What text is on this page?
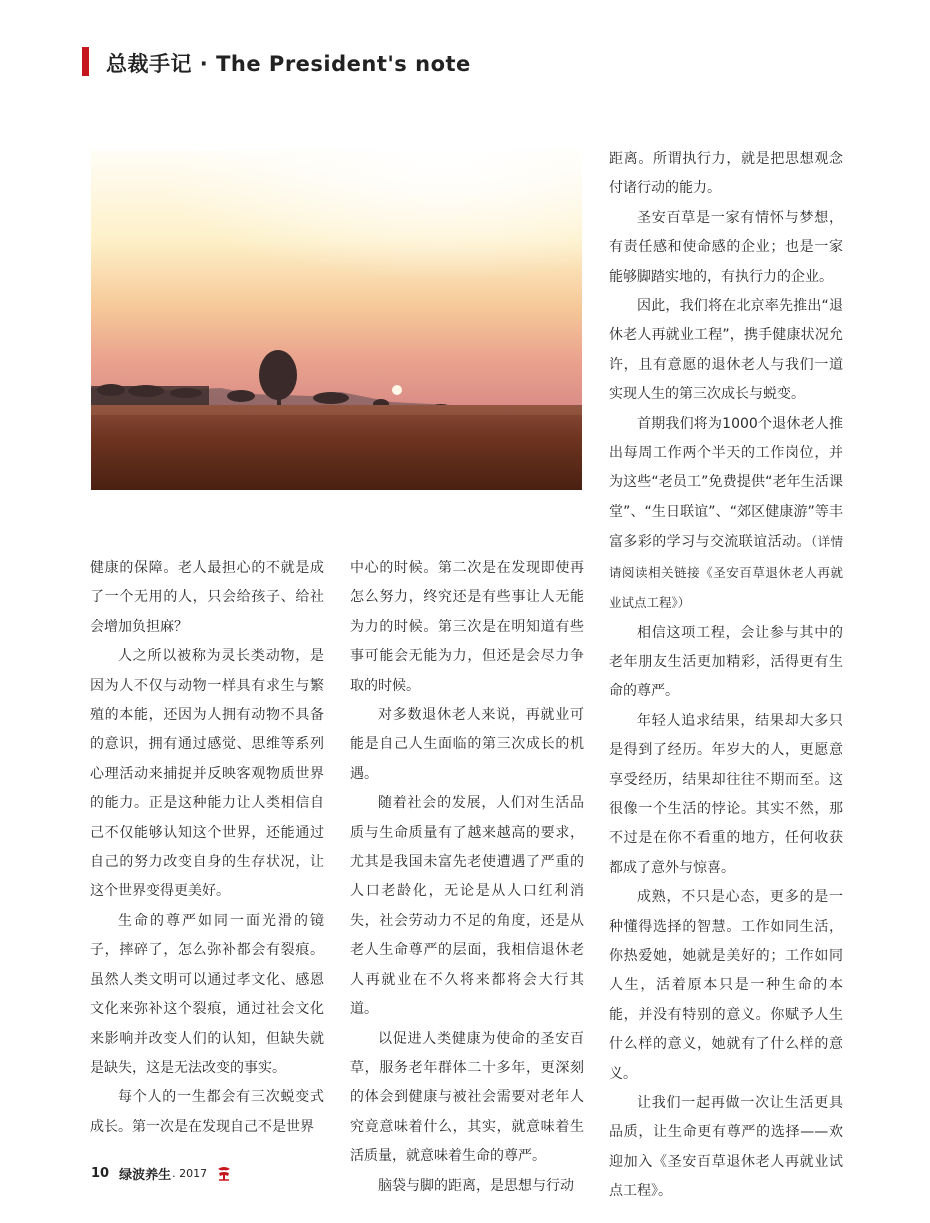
总裁手记 · The President's note

健康的保障。老人最担心的不就是成了一个无用的人，只会给孩子、给社会增加负担麻？

人之所以被称为灵长类动物，是因为人不仅与动物一样具有求生与繁殖的本能，还因为人拥有动物不具备的意识，拥有通过感觉、思维等系列心理活动来捕捉并反映客观物质世界的能力。正是这种能力让人类相信自己不仅能够认知这个世界，还能通过自己的努力改变自身的生存状况，让这个世界变得更美好。

生命的尊严如同一面光滑的镜子，摔碎了，怎么弥补都会有裂痕。虽然人类文明可以通过孝文化、感恩文化来弥补这个裂痕，通过社会文化来影响并改变人们的认知，但缺失就是缺失，这是无法改变的事实。

每个人的一生都会有三次蜕变式成长。第一次是在发现自己不是世界

中心的时候。第二次是在发现即使再怎么努力，终究还是有些事让人无能为力的时候。第三次是在明知道有些事可能会无能为力，但还是会尽力争取的时候。

对多数退休老人来说，再就业可能是自己人生面临的第三次成长的机遇。

随着社会的发展，人们对生活品质与生命质量有了越来越高的要求，尤其是我国未富先老使遭遇了严重的人口老龄化，无论是从人口红利消失，社会劳动力不足的角度，还是从老人生命尊严的层面，我相信退休老人再就业在不久将来都将会大行其道。

以促进人类健康为使命的圣安百草，服务老年群体二十多年，更深刻的体会到健康与被社会需要对老年人究竟意味着什么，其实，就意味着生活质量，就意味着生命的尊严。

脑袋与脚的距离，是思想与行动

距离。所谓执行力，就是把思想观念付诸行动的能力。

圣安百草是一家有情怀与梦想，有责任感和使命感的企业；也是一家能够脚踏实地的，有执行力的企业。

因此，我们将在北京率先推出“退休老人再就业工程”，携手健康状况允许，且有意愿的退休老人与我们一道实现人生的第三次成长与蜕变。

首期我们将为1000个退休老人推出每周工作两个半天的工作岗位，并为这些“老员工”免费提供“老年生活课堂”、“生日联谊”、“郊区健康游”等丰富多彩的学习与交流联谊活动。（详情请阅读相关链接《圣安百草退休老人再就业试点工程》）

相信这项工程，会让参与其中的老年朋友生活更加精彩，活得更有生命的尊严。

年轻人追求结果，结果却大多只是得到了经历。年岁大的人，更愿意享受经历，结果却往往不期而至。这很像一个生活的悖论。其实不然，那不过是在你不看重的地方，任何收获都成了意外与惊喜。

成熟，不只是心态，更多的是一种懂得选择的智慧。工作如同生活，你热爱她，她就是美好的；工作如同人生，活着原本只是一种生命的本能，并没有特别的意义。你赋予人生什么样的意义，她就有了什么样的意义。

让我们一起再做一次让生活更具品质，让生命更有尊严的选择——欢迎加入《圣安百草退休老人再就业试点工程》。

10 绿波养生 . 2017
